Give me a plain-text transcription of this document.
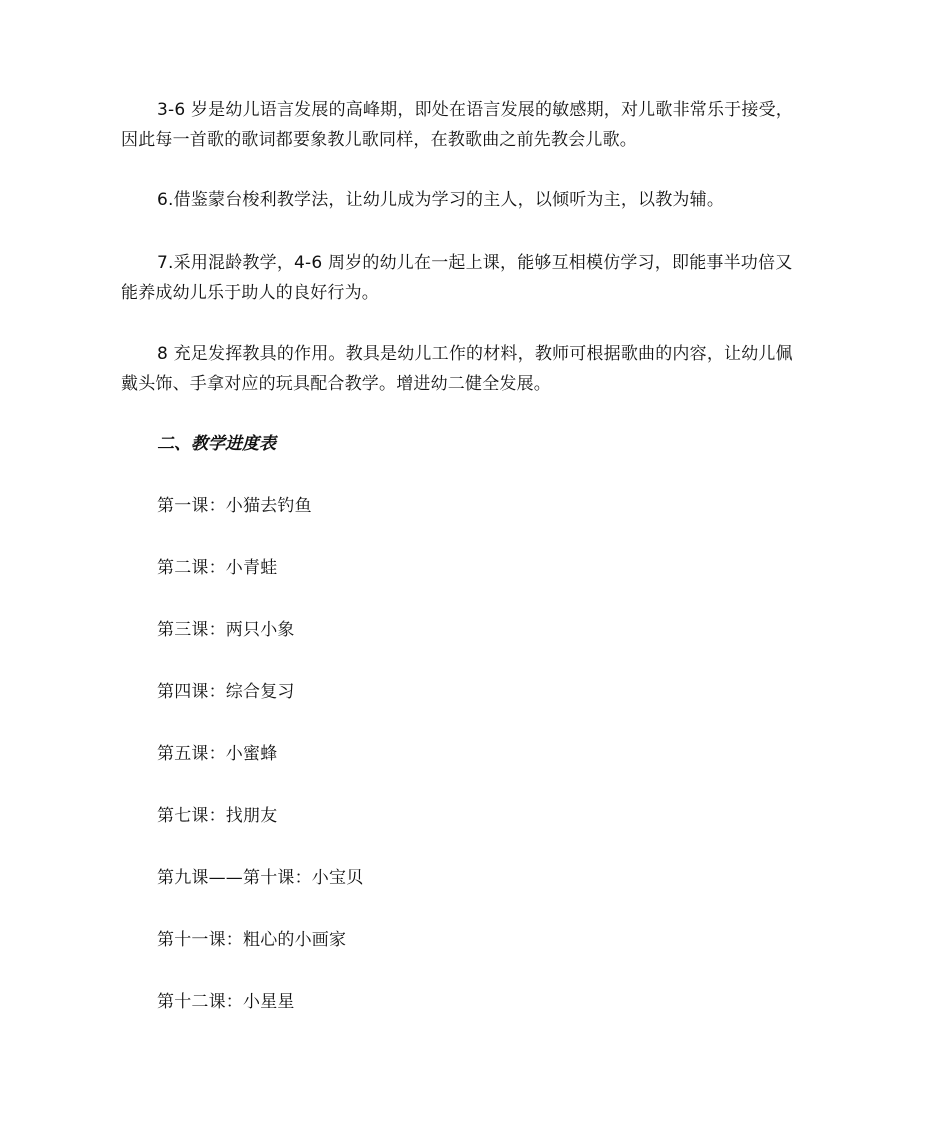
3-6 岁是幼儿语言发展的高峰期，即处在语言发展的敏感期，对儿歌非常乐于接受，
因此每一首歌的歌词都要象教儿歌同样，在教歌曲之前先教会儿歌。
6.借鉴蒙台梭利教学法，让幼儿成为学习的主人，以倾听为主，以教为辅。
7.采用混龄教学，4-6 周岁的幼儿在一起上课，能够互相模仿学习，即能事半功倍又
能养成幼儿乐于助人的良好行为。
8 充足发挥教具的作用。教具是幼儿工作的材料，教师可根据歌曲的内容，让幼儿佩
戴头饰、手拿对应的玩具配合教学。增进幼二健全发展。
二、教学进度表
第一课：小猫去钓鱼
第二课：小青蛙
第三课：两只小象
第四课：综合复习
第五课：小蜜蜂
第七课：找朋友
第九课——第十课：小宝贝
第十一课：粗心的小画家
第十二课：小星星
